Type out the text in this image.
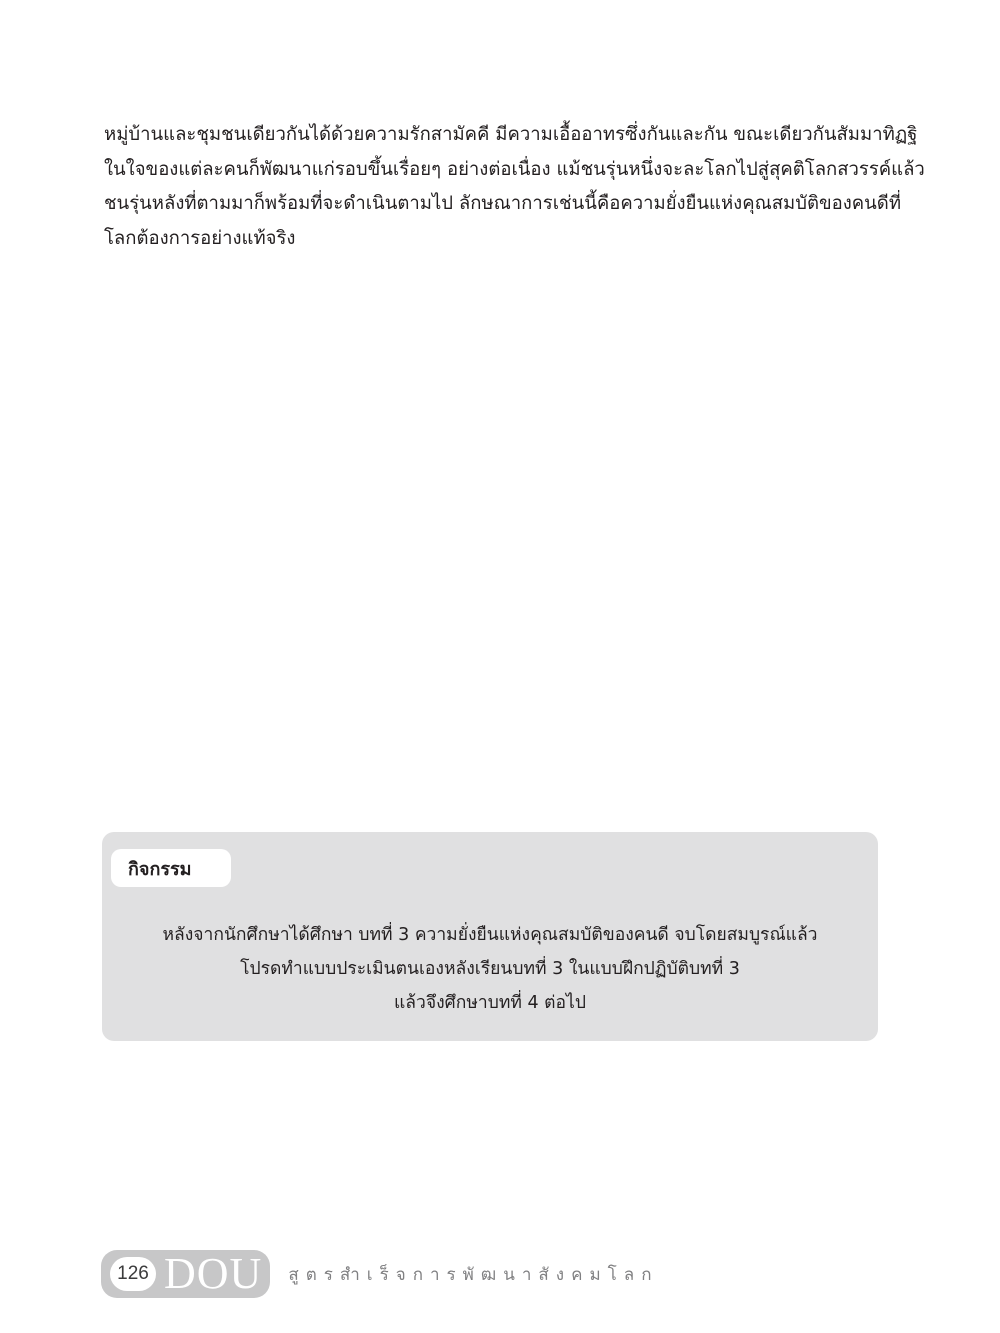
หมู่บ้านและชุมชนเดียวกันได้ด้วยความรักสามัคคี มีความเอื้ออาทรซึ่งกันและกัน ขณะเดียวกันสัมมาทิฏฐิ
ในใจของแต่ละคนก็พัฒนาแก่รอบขึ้นเรื่อยๆ อย่างต่อเนื่อง แม้ชนรุ่นหนึ่งจะละโลกไปสู่สุคติโลกสวรรค์แล้ว
ชนรุ่นหลังที่ตามมาก็พร้อมที่จะดำเนินตามไป ลักษณาการเช่นนี้คือความยั่งยืนแห่งคุณสมบัติของคนดีที่
โลกต้องการอย่างแท้จริง
กิจกรรม
หลังจากนักศึกษาได้ศึกษา บทที่ 3 ความยั่งยืนแห่งคุณสมบัติของคนดี จบโดยสมบูรณ์แล้ว
โปรดทำแบบประเมินตนเองหลังเรียนบทที่ 3 ในแบบฝึกปฏิบัติบทที่ 3
แล้วจึงศึกษาบทที่ 4 ต่อไป
126 DOU สูตรสำเร็จการพัฒนาสังคมโลก
